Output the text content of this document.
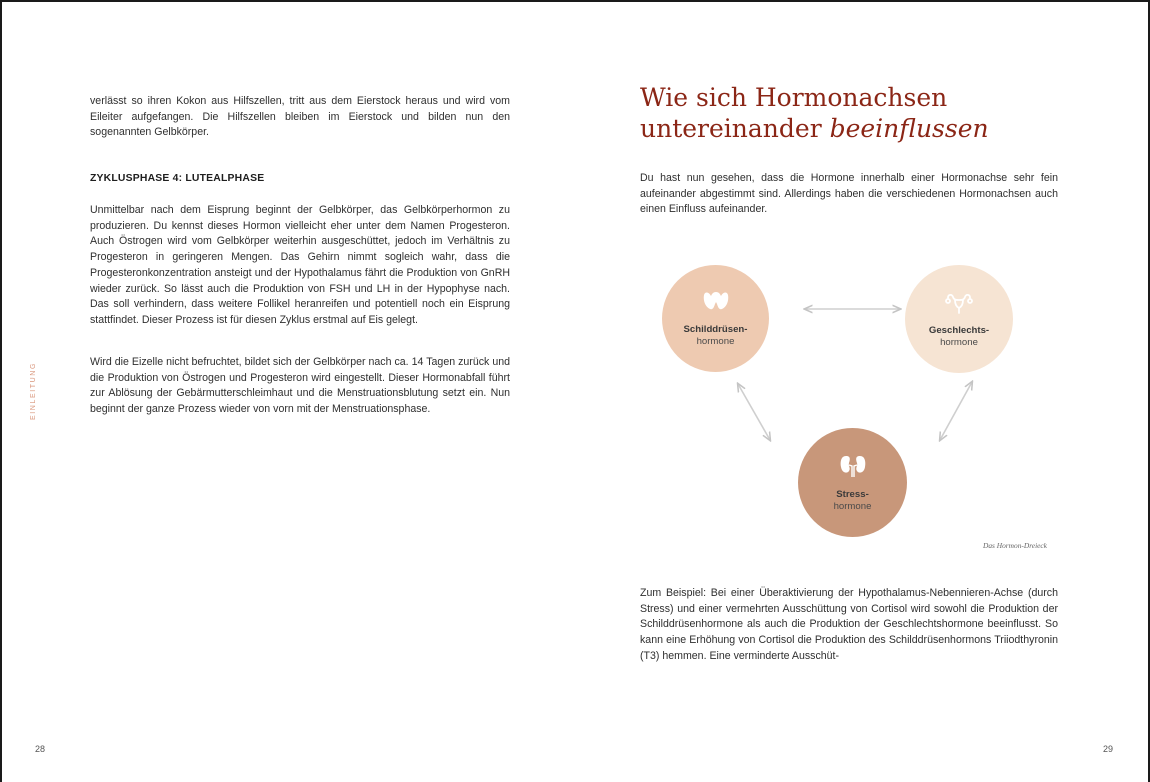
verlässt so ihren Kokon aus Hilfszellen, tritt aus dem Eierstock heraus und wird vom Eileiter aufgefangen. Die Hilfszellen bleiben im Eierstock und bilden nun den sogenannten Gelbkörper.

ZYKLUSPHASE 4: LUTEALPHASE

Unmittelbar nach dem Eisprung beginnt der Gelbkörper, das Gelbkörperhormon zu produzieren. Du kennst dieses Hormon vielleicht eher unter dem Namen Progesteron. Auch Östrogen wird vom Gelbkörper weiterhin ausgeschüttet, jedoch im Verhältnis zu Progesteron in geringeren Mengen. Das Gehirn nimmt sogleich wahr, dass die Progesteronkonzentration ansteigt und der Hypothalamus fährt die Produktion von GnRH wieder zurück. So lässt auch die Produktion von FSH und LH in der Hypophyse nach. Das soll verhindern, dass weitere Follikel heranreifen und potentiell noch ein Eisprung stattfindet. Dieser Prozess ist für diesen Zyklus erstmal auf Eis gelegt.

Wird die Eizelle nicht befruchtet, bildet sich der Gelbkörper nach ca. 14 Tagen zurück und die Produktion von Östrogen und Progesteron wird eingestellt. Dieser Hormonabfall führt zur Ablösung der Gebärmutterschleimhaut und die Menstruationsblutung setzt ein. Nun beginnt der ganze Prozess wieder von vorn mit der Menstruationsphase.

EINLEITUNG
28
Wie sich Hormonachsen
untereinander beeinflussen

Du hast nun gesehen, dass die Hormone innerhalb einer Hormonachse sehr fein aufeinander abgestimmt sind. Allerdings haben die verschiedenen Hormonachsen auch einen Einfluss aufeinander.

Schilddrüsen-
hormone
Geschlechts-
hormone
Stress-
hormone
Das Hormon-Dreieck

Zum Beispiel: Bei einer Überaktivierung der Hypothalamus-Nebennieren-Achse (durch Stress) und einer vermehrten Ausschüttung von Cortisol wird sowohl die Produktion der Schilddrüsenhormone als auch die Produktion der Geschlechtshormone beeinflusst. So kann eine Erhöhung von Cortisol die Produktion des Schilddrüsenhormons Triiodthyronin (T3) hemmen. Eine verminderte Ausschüt-

29
